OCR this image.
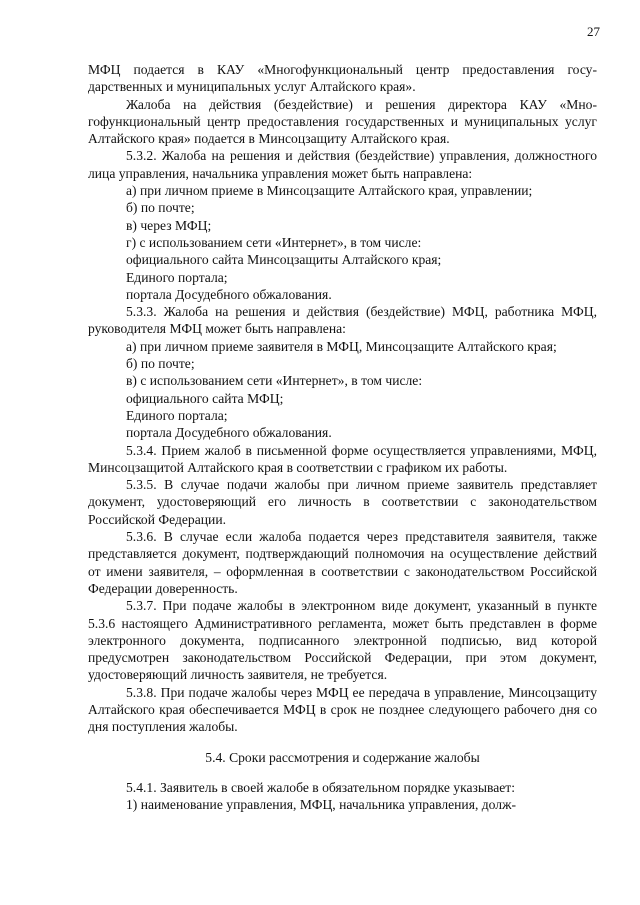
27

МФЦ подается в КАУ «Многофункциональный центр предоставления государственных и муниципальных услуг Алтайского края».

Жалоба на действия (бездействие) и решения директора КАУ «Многофункциональный центр предоставления государственных и муниципальных услуг Алтайского края» подается в Минсоцзащиту Алтайского края.

5.3.2. Жалоба на решения и действия (бездействие) управления, должностного лица управления, начальника управления может быть направлена:

а) при личном приеме в Минсоцзащите Алтайского края, управлении;

б) по почте;

в) через МФЦ;

г) с использованием сети «Интернет», в том числе:

официального сайта Минсоцзащиты Алтайского края;

Единого портала;

портала Досудебного обжалования.

5.3.3. Жалоба на решения и действия (бездействие) МФЦ, работника МФЦ, руководителя МФЦ может быть направлена:

а) при личном приеме заявителя в МФЦ, Минсоцзащите Алтайского края;

б) по почте;

в) с использованием сети «Интернет», в том числе:

официального сайта МФЦ;

Единого портала;

портала Досудебного обжалования.

5.3.4. Прием жалоб в письменной форме осуществляется управлениями, МФЦ, Минсоцзащитой Алтайского края в соответствии с графиком их работы.

5.3.5. В случае подачи жалобы при личном приеме заявитель представляет документ, удостоверяющий его личность в соответствии с законодательством Российской Федерации.

5.3.6. В случае если жалоба подается через представителя заявителя, также представляется документ, подтверждающий полномочия на осуществление действий от имени заявителя, – оформленная в соответствии с законодательством Российской Федерации доверенность.

5.3.7. При подаче жалобы в электронном виде документ, указанный в пункте 5.3.6 настоящего Административного регламента, может быть представлен в форме электронного документа, подписанного электронной подписью, вид которой предусмотрен законодательством Российской Федерации, при этом документ, удостоверяющий личность заявителя, не требуется.

5.3.8. При подаче жалобы через МФЦ ее передача в управление, Минсоцзащиту Алтайского края обеспечивается МФЦ в срок не позднее следующего рабочего дня со дня поступления жалобы.

5.4. Сроки рассмотрения и содержание жалобы

5.4.1. Заявитель в своей жалобе в обязательном порядке указывает:

1) наименование управления, МФЦ, начальника управления, долж-
